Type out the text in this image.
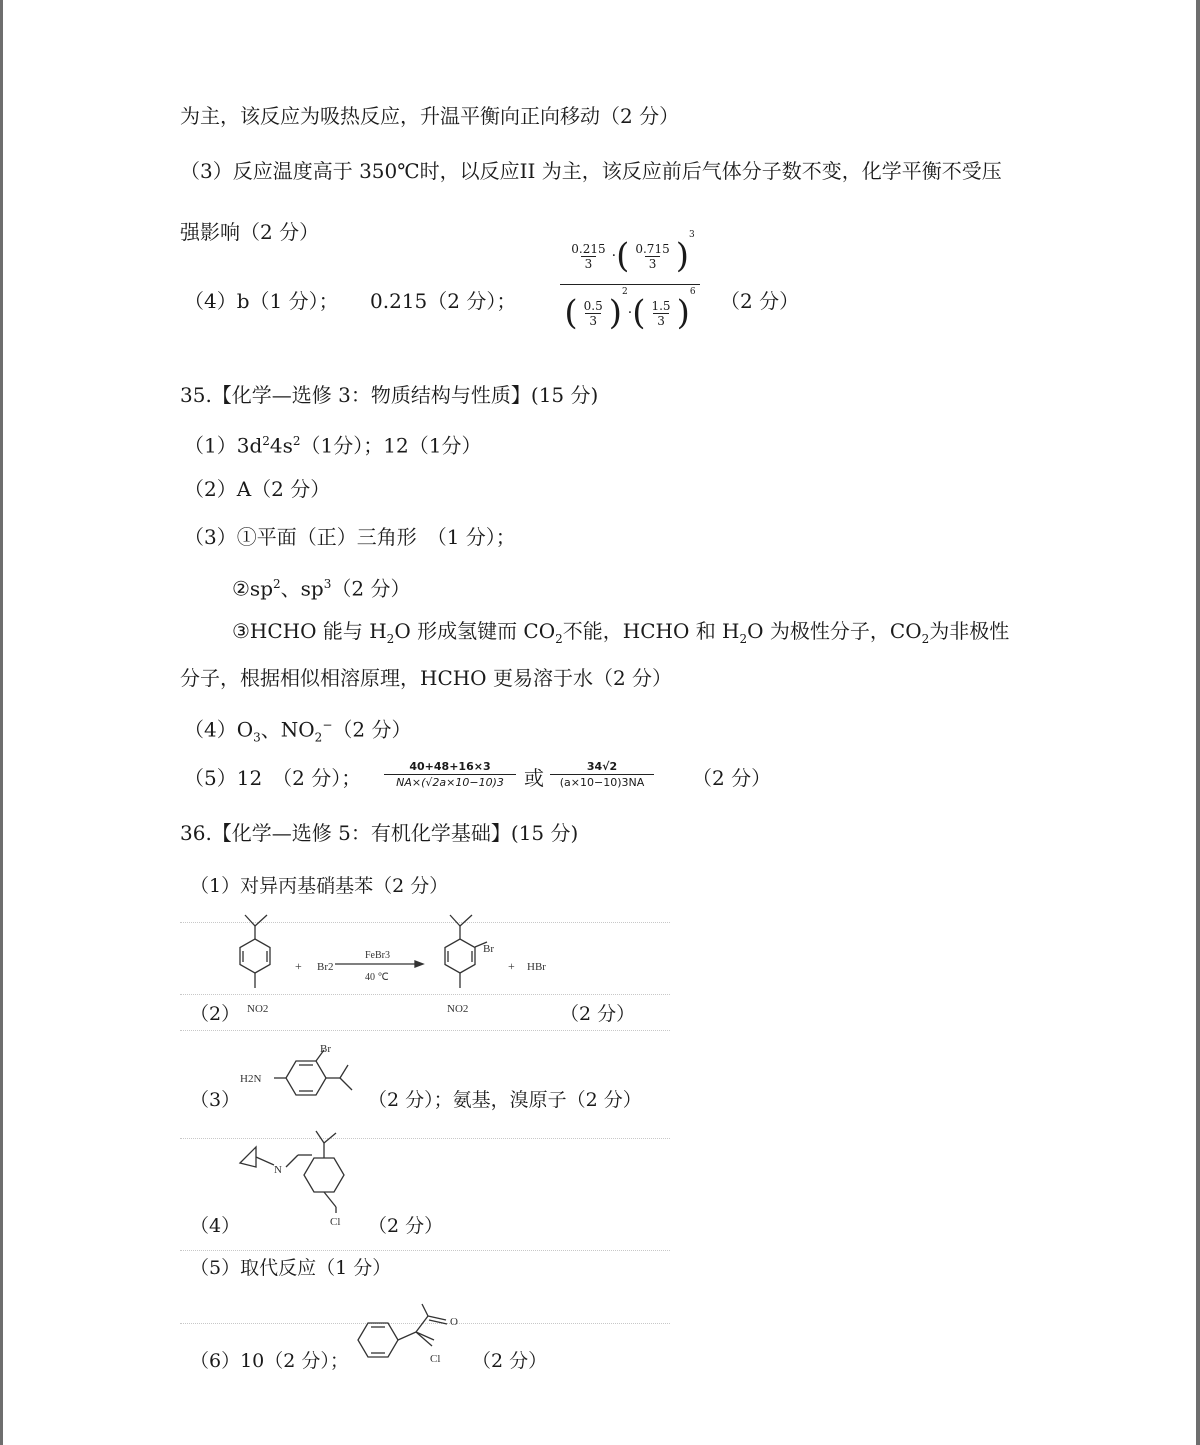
为主，该反应为吸热反应，升温平衡向正向移动（2 分）
（3）反应温度高于 350℃时，以反应II 为主，该反应前后气体分子数不变，化学平衡不受压
强影响（2 分）
（4）b（1 分）； 0.215（2 分）；
$\frac{0.215}{3}$ · ( $\frac{0.715}{3}$ )
3
( $\frac{0.5}{3}$ )
2
· ( $\frac{1.5}{3}$ )
6 （2 分）
35.【化学—选修 3：物质结构与性质】(15 分)
$(1)3d^24s^2(1$分）；12（1分）
（2）A（2 分）
（3）①平面（正）三角形　（1 分）；
$②sp^2$、$sp^3(2$ 分）
③HCHO 能与 $H_2O$ 形成氢键而 $CO_2$不能，HCHO 和 $H_2O$ 为极性分子，$CO_2$为非极性
分子，根据相似相溶原理，HCHO 更易溶于水（2 分）
$(4)O_3$、$NO_2^-(2$ 分）
（5）12　（2 分）；	40+48+16×3
NA×(√2a×10−10)3	或	34√2
(a×10−10)3NA	（2 分）
36.【化学—选修 5：有机化学基础】(15 分)
（1）对异丙基硝基苯（2 分）
NO2
+ Br2
FeBr3
40 ℃
Br
NO2
+ HBr
（2）	（2 分）
Br
H2N
（3）	（2 分）；氨基，溴原子（2 分）
N
Cl
（4）	（2 分）
（5）取代反应（1 分）
O
Cl
（6）10（2 分）；	（2 分）
